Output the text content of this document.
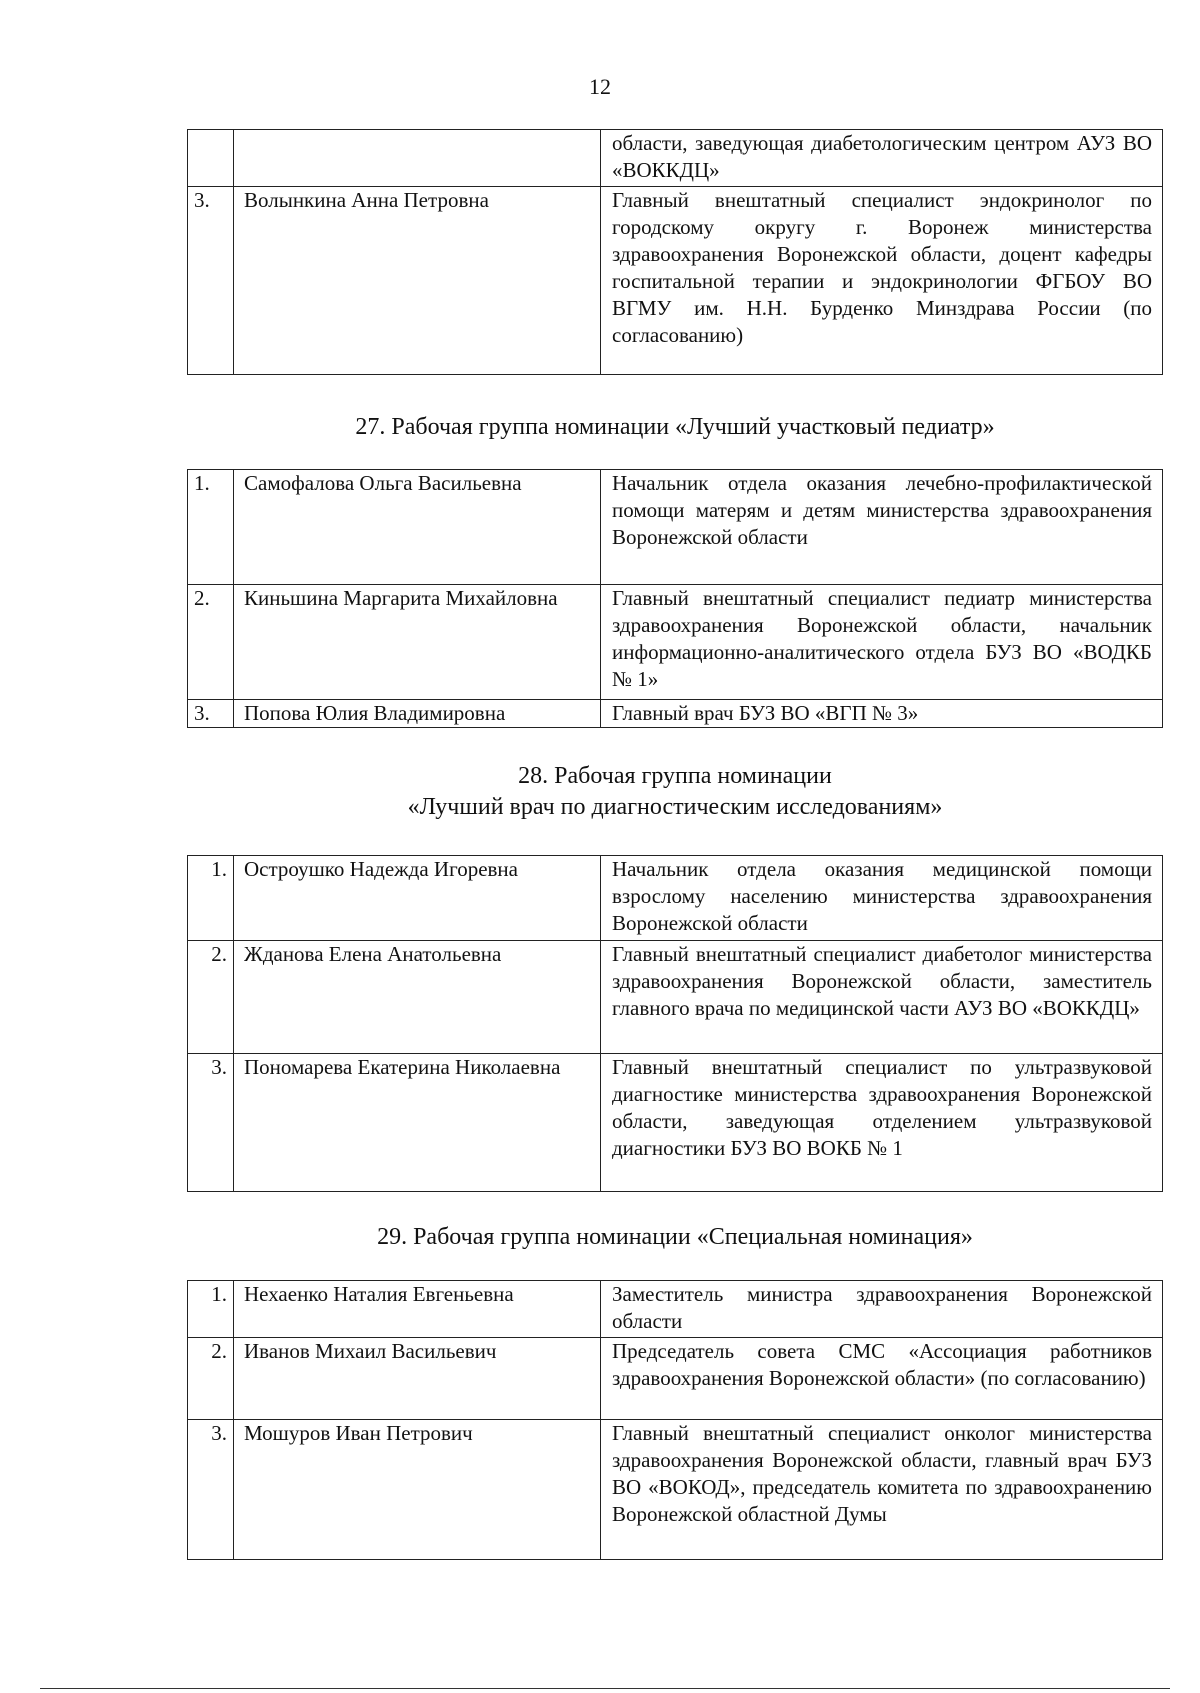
12
		области, заведующая диабетологическим центром АУЗ ВО «ВОККДЦ»
3.	Волынкина Анна Петровна	Главный внештатный специалист эндокринолог по городскому округу г. Воронеж министерства здравоохранения Воронежской области, доцент кафедры госпитальной терапии и эндокринологии ФГБОУ ВО ВГМУ им. Н.Н. Бурденко Минздрава России (по согласованию)
27. Рабочая группа номинации «Лучший участковый педиатр»
1.	Самофалова Ольга Васильевна	Начальник отдела оказания лечебно-профилактической помощи матерям и детям министерства здравоохранения Воронежской области
2.	Киньшина Маргарита Михайловна	Главный внештатный специалист педиатр министерства здравоохранения Воронежской области, начальник информационно-аналитического отдела БУЗ ВО «ВОДКБ № 1»
3.	Попова Юлия Владимировна	Главный врач БУЗ ВО «ВГП № 3»
28. Рабочая группа номинации
«Лучший врач по диагностическим исследованиям»
1.	Остроушко Надежда Игоревна	Начальник отдела оказания медицинской помощи взрослому населению министерства здравоохранения Воронежской области
2.	Жданова Елена Анатольевна	Главный внештатный специалист диабетолог министерства здравоохранения Воронежской области, заместитель главного врача по медицинской части АУЗ ВО «ВОККДЦ»
3.	Пономарева Екатерина Николаевна	Главный внештатный специалист по ультразвуковой диагностике министерства здравоохранения Воронежской области, заведующая отделением ультразвуковой диагностики БУЗ ВО ВОКБ № 1
29. Рабочая группа номинации «Специальная номинация»
1.	Нехаенко Наталия Евгеньевна	Заместитель министра здравоохранения Воронежской области
2.	Иванов Михаил Васильевич	Председатель совета СМС «Ассоциация работников здравоохранения Воронежской области» (по согласованию)
3.	Мошуров Иван Петрович	Главный внештатный специалист онколог министерства здравоохранения Воронежской области, главный врач БУЗ ВО «ВОКОД», председатель комитета по здравоохранению Воронежской областной Думы
